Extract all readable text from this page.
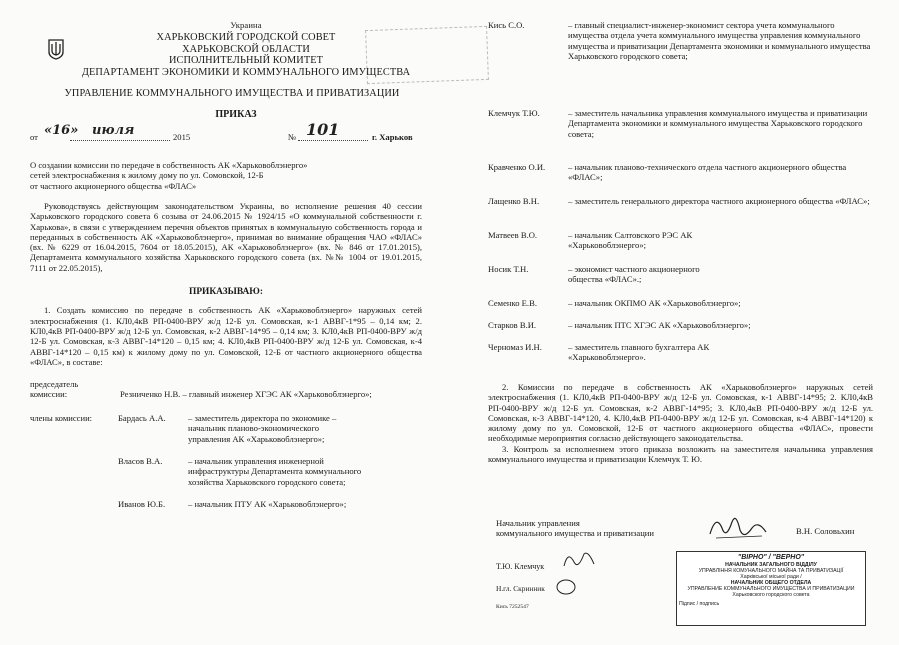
Украина
ХАРЬКОВСКИЙ ГОРОДСКОЙ СОВЕТ
ХАРЬКОВСКОЙ ОБЛАСТИ
ИСПОЛНИТЕЛЬНЫЙ КОМИТЕТ
ДЕПАРТАМЕНТ ЭКОНОМИКИ И КОММУНАЛЬНОГО ИМУЩЕСТВА
УПРАВЛЕНИЕ КОММУНАЛЬНОГО ИМУЩЕСТВА И ПРИВАТИЗАЦИИ
ПРИКАЗ
от «16» июля	2015	№ 101	г. Харьков
О создании комиссии по передаче в собственность АК «Харьковоблэнерго»
сетей электроснабжения к жилому дому по ул. Сомовской, 12-Б
от частного акционерного общества «ФЛАС»
Руководствуясь действующим законодательством Украины, во исполнение решения 40 сессии Харьковского городского совета 6 созыва от 24.06.2015 № 1924/15 «О коммунальной собственности г. Харькова», в связи с утверждением перечня объектов принятых в коммунальную собственность города и переданных в собственность АК «Харьковоблэнерго», принимая во внимание обращения ЧАО «ФЛАС» (вх. № 6229 от 16.04.2015, 7604 от 18.05.2015), АК «Харьковоблэнерго» (вх. № 846 от 17.01.2015), Департамента коммунального хозяйства Харьковского городского совета (вх. №№ 1004 от 19.01.2015, 7111 от 22.05.2015),
ПРИКАЗЫВАЮ:
1. Создать комиссию по передаче в собственность АК «Харьковоблэнерго» наружных сетей электроснабжения (1. КЛ0,4кВ РП-0400-ВРУ ж/д 12-Б ул. Сомовская, к-1 АВВГ-1*95 – 0,14 км; 2. КЛ0,4кВ РП-0400-ВРУ ж/д 12-Б ул. Сомовская, к-2 АВВГ-14*95 – 0,14 км; 3. КЛ0,4кВ РП-0400-ВРУ ж/д 12-Б ул. Сомовская, к-3 АВВГ-14*120 – 0,15 км; 4. КЛ0,4кВ РП-0400-ВРУ ж/д 12-Б ул. Сомовская, к-4 АВВГ-14*120 – 0,15 км) к жилому дому по ул. Сомовской, 12-Б от частного акционерного общества «ФЛАС», в составе:
председатель
комиссии:	Резниченко Н.В. – главный инженер ХГЭС АК «Харьковоблэнерго»;
члены комиссии:	Бардась А.А.	– заместитель директора по экономике – начальник планово-экономического управления АК «Харьковоблэнерго»;
Власов В.А.	– начальник управления инженерной инфраструктуры Департамента коммунального хозяйства Харьковского городского совета;
Иванов Ю.Б.	– начальник ПТУ АК «Харьковоблэнерго»;
Кись С.О.	– главный специалист-инженер-экономист сектора учета коммунального имущества отдела учета коммунального имущества управления коммунального имущества и приватизации Департамента экономики и коммунального имущества Харьковского городского совета;
Клемчук Т.Ю.	– заместитель начальника управления коммунального имущества и приватизации Департамента экономики и коммунального имущества Харьковского городского совета;
Кравченко О.И.	– начальник планово-технического отдела частного акционерного общества «ФЛАС»;
Лащенко В.Н.	– заместитель генерального директора частного акционерного общества «ФЛАС»;
Матвеев В.О.	– начальник Салтовского РЭС АК «Харьковоблэнерго»;
Носик Т.Н.	– экономист частного акционерного общества «ФЛАС».;
Семенко Е.В.	– начальник ОКПМО АК «Харьковоблэнерго»;
Старков В.И.	– начальник ПТС ХГЭС АК «Харьковоблэнерго»;
Черномаз И.Н.	– заместитель главного бухгалтера АК «Харьковоблэнерго».
2. Комиссии по передаче в собственность АК «Харьковоблэнерго» наружных сетей электроснабжения (1. КЛ0,4кВ РП-0400-ВРУ ж/д 12-Б ул. Сомовская, к-1 АВВГ-14*95; 2. КЛ0,4кВ РП-0400-ВРУ ж/д 12-Б ул. Сомовская, к-2 АВВГ-14*95; 3. КЛ0,4кВ РП-0400-ВРУ ж/д 12-Б ул. Сомовская, к-3 АВВГ-14*120, 4. КЛ0,4кВ РП-0400-ВРУ ж/д 12-Б ул. Сомовская, к-4 АВВГ-14*120) к жилому дому по ул. Сомовской, 12-Б от частного акционерного общества «ФЛАС», провести необходимые мероприятия согласно действующего законодательства.
3. Контроль за исполнением этого приказа возложить на заместителя начальника управления коммунального имущества и приватизации Клемчук Т. Ю.
Начальник управления
коммунального имущества и приватизации	В.Н. Соловьхин
Т.Ю. Клемчук
Н.гл. Скринник
Кись 7252547
"ВІРНО" / "ВЕРНО"
НАЧАЛЬНИК ЗАГАЛЬНОГО ВІДДІЛУ
УПРАВЛІННЯ КОМУНАЛЬНОГО МАЙНА ТА ПРИВАТИЗАЦІЇ
Харківської міської ради /
НАЧАЛЬНИК ОБЩЕГО ОТДЕЛА
УПРАВЛЕНИЕ КОММУНАЛЬНОГО ИМУЩЕСТВА И ПРИВАТИЗАЦИИ
Харьковского городского совета
Підпис / подпись
